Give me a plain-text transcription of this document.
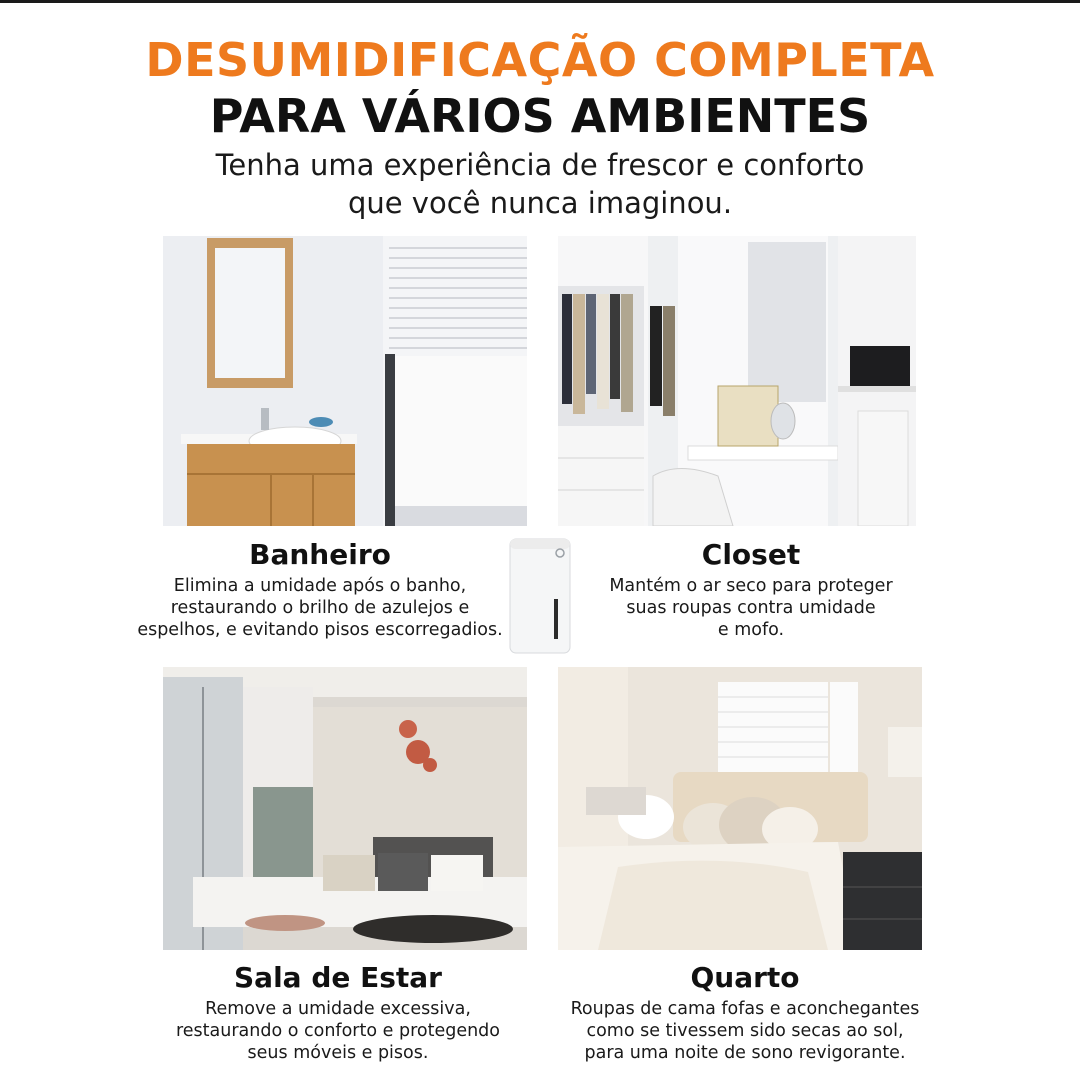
DESUMIDIFICAÇÃO COMPLETA
PARA VÁRIOS AMBIENTES
Tenha uma experiência de frescor e conforto
que você nunca imaginou.
Banheiro
Elimina a umidade após o banho,
restaurando o brilho de azulejos e
espelhos, e evitando pisos escorregadios.
Closet
Mantém o ar seco para proteger
suas roupas contra umidade
e mofo.
Sala de Estar
Remove a umidade excessiva,
restaurando o conforto e protegendo
seus móveis e pisos.
Quarto
Roupas de cama fofas e aconchegantes
como se tivessem sido secas ao sol,
para uma noite de sono revigorante.
